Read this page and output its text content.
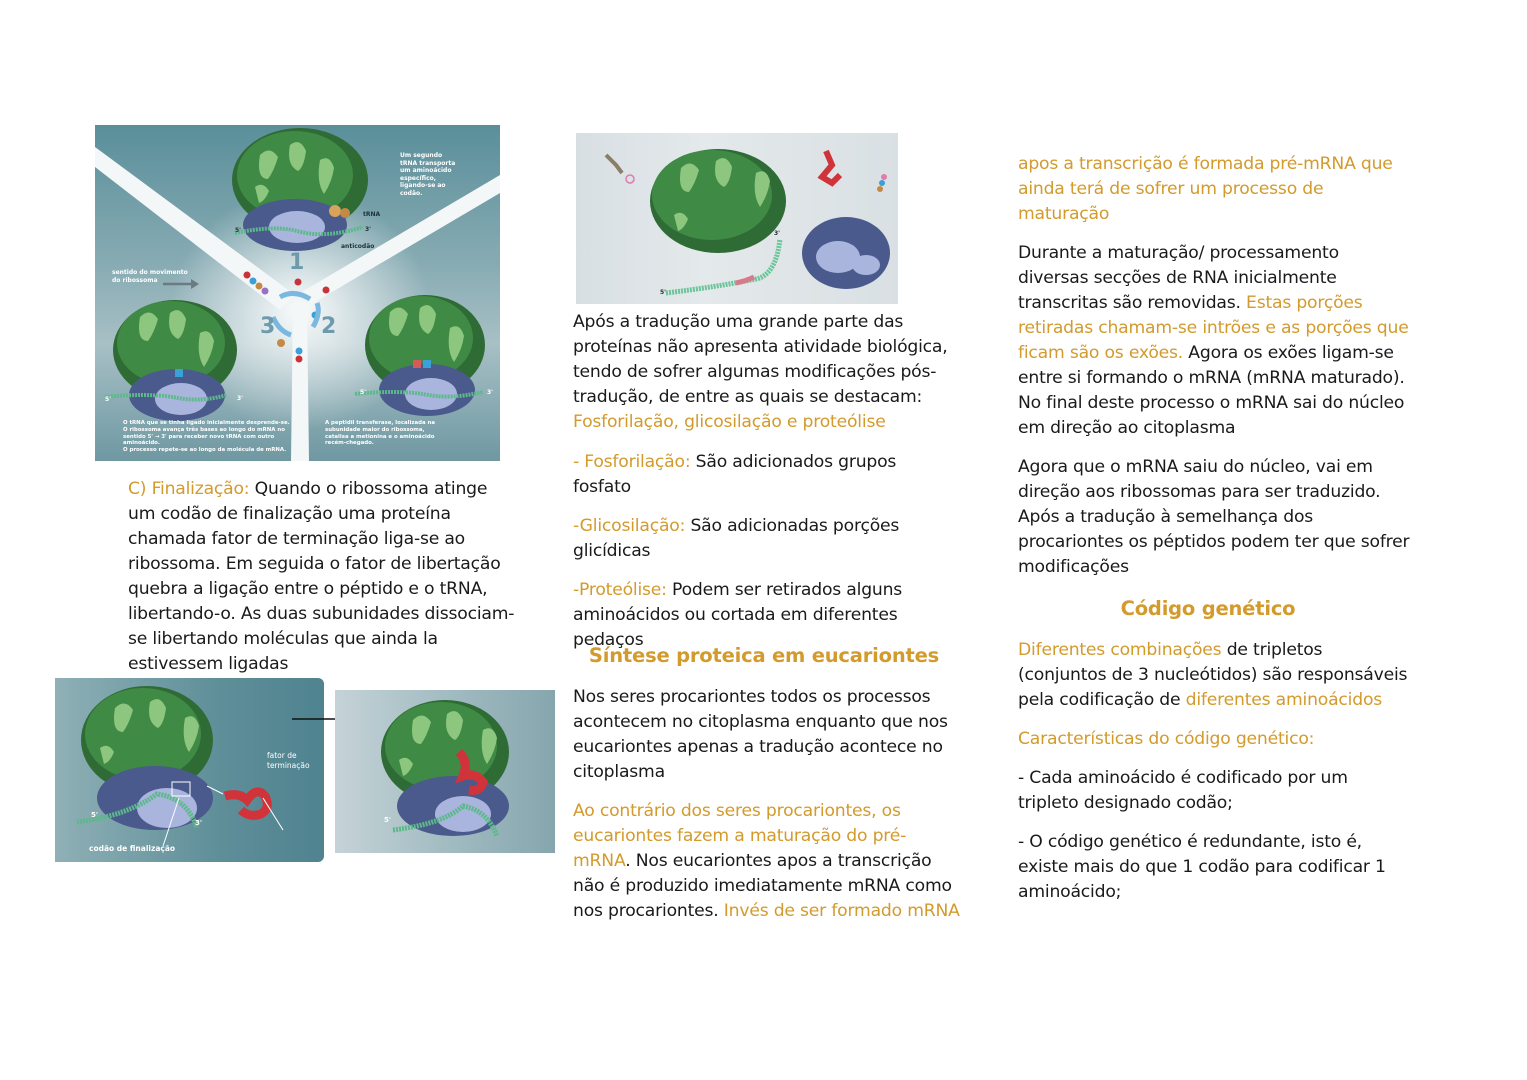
Um segundo
tRNA transporta
um aminoácido
específico,
ligando-se ao
codão.
tRNA
5'	3'
anticodão
sentido do movimento
do ribossoma
1
2
3
5'	3'
5'	3'
O tRNA que se tinha ligado inicialmente desprende-se.
O ribossoma avança três bases ao longo do mRNA no
sentido 5' → 3' para receber novo tRNA com outro
aminoácido.
O processo repete-se ao longo da molécula de mRNA.
A peptidil transferase, localizada na
subunidade maior do ribossoma,
catalisa a metionina e o aminoácido
recém-chegado.
3'
5'
fator de
terminação
5'
3'
codão de finalização
5'

C) Finalização: Quando o ribossoma atinge um codão de finalização uma proteína chamada fator de terminação liga-se ao ribossoma. Em seguida o fator de libertação quebra a ligação entre o péptido e o tRNA, libertando-o. As duas subunidades dissociam-se libertando moléculas que ainda la estivessem ligadas

Após a tradução uma grande parte das proteínas não apresenta atividade biológica, tendo de sofrer algumas modificações pós-tradução, de entre as quais se destacam:
Fosforilação, glicosilação e proteólise

- Fosforilação: São adicionados grupos fosfato

-Glicosilação: São adicionadas porções glicídicas

-Proteólise: Podem ser retirados alguns aminoácidos ou cortada em diferentes pedaços

Síntese proteica em eucariontes

Nos seres procariontes todos os processos acontecem no citoplasma enquanto que nos eucariontes apenas a tradução acontece no citoplasma

Ao contrário dos seres procariontes, os eucariontes fazem a maturação do pré-mRNA. Nos eucariontes apos a transcrição não é produzido imediatamente mRNA como nos procariontes. Invés de ser formado mRNA

apos a transcrição é formada pré-mRNA que ainda terá de sofrer um processo de maturação

Durante a maturação/ processamento diversas secções de RNA inicialmente transcritas são removidas. Estas porções retiradas chamam-se intrões e as porções que ficam são os exões. Agora os exões ligam-se entre si formando o mRNA (mRNA maturado). No final deste processo o mRNA sai do núcleo em direção ao citoplasma

Agora que o mRNA saiu do núcleo, vai em direção aos ribossomas para ser traduzido. Após a tradução à semelhança dos procariontes os péptidos podem ter que sofrer modificações

Código genético

Diferentes combinações de tripletos (conjuntos de 3 nucleótidos) são responsáveis pela codificação de diferentes aminoácidos

Características do código genético:

- Cada aminoácido é codificado por um tripleto designado codão;

- O código genético é redundante, isto é, existe mais do que 1 codão para codificar 1 aminoácido;
